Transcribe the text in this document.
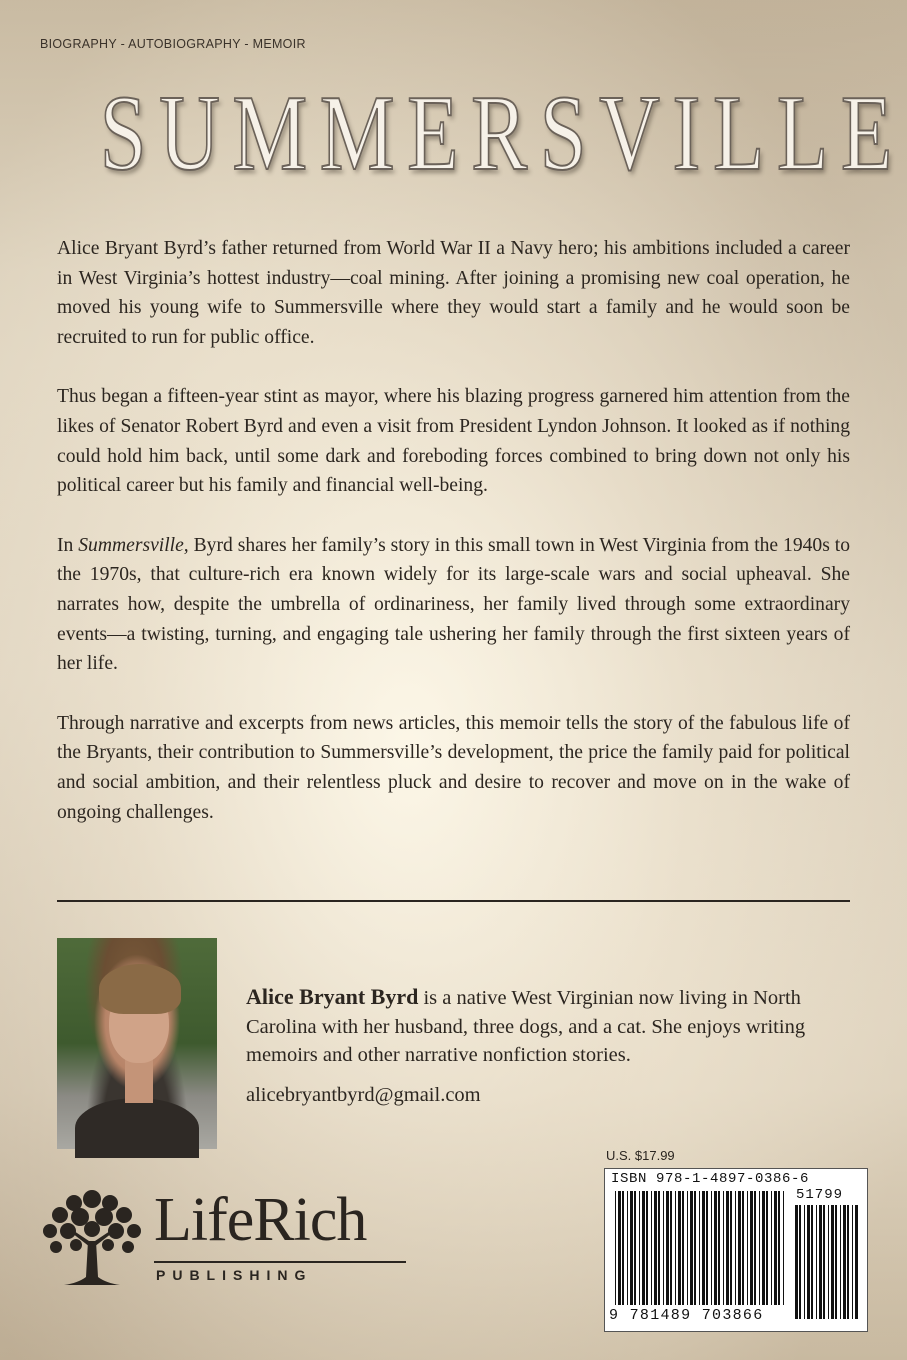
BIOGRAPHY - AUTOBIOGRAPHY - MEMOIR
SUMMERSVILLE

Alice Bryant Byrd’s father returned from World War II a Navy hero; his ambitions included a career in West Virginia’s hottest industry—coal mining. After joining a promising new coal operation, he moved his young wife to Summersville where they would start a family and he would soon be recruited to run for public office.

Thus began a fifteen-year stint as mayor, where his blazing progress garnered him attention from the likes of Senator Robert Byrd and even a visit from President Lyndon Johnson. It looked as if nothing could hold him back, until some dark and foreboding forces combined to bring down not only his political career but his family and financial well-being.

In Summersville, Byrd shares her family’s story in this small town in West Virginia from the 1940s to the 1970s, that culture-rich era known widely for its large-scale wars and social upheaval. She narrates how, despite the umbrella of ordinariness, her family lived through some extraordinary events—a twisting, turning, and engaging tale ushering her family through the first sixteen years of her life.

Through narrative and excerpts from news articles, this memoir tells the story of the fabulous life of the Bryants, their contribution to Summersville’s development, the price the family paid for political and social ambition, and their relentless pluck and desire to recover and move on in the wake of ongoing challenges.

Alice Bryant Byrd is a native West Virginian now living in North Carolina with her husband, three dogs, and a cat. She enjoys writing memoirs and other narrative nonfiction stories.
alicebryantbyrd@gmail.com
LifeRich
PUBLISHING
U.S. $17.99
ISBN 978-1-4897-0386-6
51799
9 781489 703866
